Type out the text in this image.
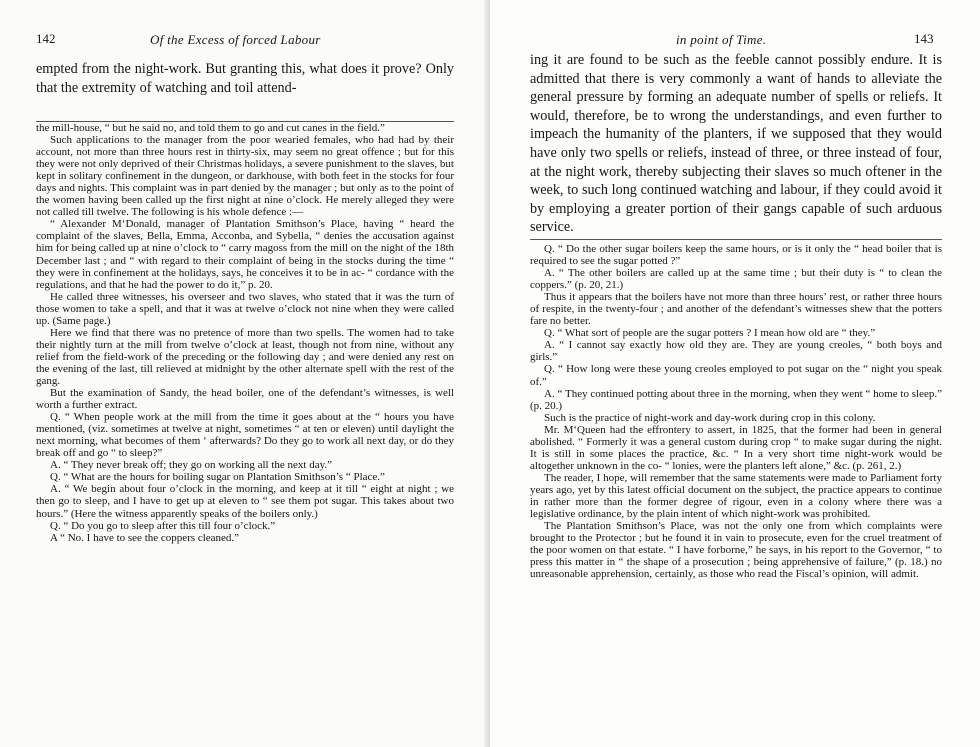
142	Of the Excess of forced Labour

empted from the night-work. But granting this, what does it prove? Only that the extremity of watching and toil attend-

the mill-house, “ but he said no, and told them to go and cut canes in the field.”

Such applications to the manager from the poor wearied females, who had had by their account, not more than three hours rest in thirty-six, may seem no great offence ; but for this they were not only deprived of their Christmas holidays, a severe punishment to the slaves, but kept in solitary confinement in the dungeon, or darkhouse, with both feet in the stocks for four days and nights. This complaint was in part denied by the manager ; but only as to the point of the women having been called up the first night at nine o’clock. He merely alleged they were not called till twelve. The following is his whole defence :—

“ Alexander M‘Donald, manager of Plantation Smithson’s Place, having “ heard the complaint of the slaves, Bella, Emma, Acconba, and Sybella, “ denies the accusation against him for being called up at nine o’clock to “ carry magoss from the mill on the night of the 18th December last ; and “ with regard to their complaint of being in the stocks during the time “ they were in confinement at the holidays, says, he conceives it to be in ac- “ cordance with the regulations, and that he had the power to do it,” p. 20.

He called three witnesses, his overseer and two slaves, who stated that it was the turn of those women to take a spell, and that it was at twelve o’clock not nine when they were called up. (Same page.)

Here we find that there was no pretence of more than two spells. The women had to take their nightly turn at the mill from twelve o’clock at least, though not from nine, without any relief from the field-work of the preceding or the following day ; and were denied any rest on the evening of the last, till relieved at midnight by the other alternate spell with the rest of the gang.

But the examination of Sandy, the head boiler, one of the defendant’s witnesses, is well worth a further extract.

Q. “ When people work at the mill from the time it goes about at the “ hours you have mentioned, (viz. sometimes at twelve at night, sometimes “ at ten or eleven) until daylight the next morning, what becomes of them ‘ afterwards? Do they go to work all next day, or do they break off and go “ to sleep?”

A. “ They never break off; they go on working all the next day.”

Q. “ What are the hours for boiling sugar on Plantation Smithson’s “ Place.”

A. “ We begin about four o’clock in the morning, and keep at it till “ eight at night ; we then go to sleep, and I have to get up at eleven to “ see them pot sugar. This takes about two hours.” (Here the witness apparently speaks of the boilers only.)

Q. “ Do you go to sleep after this till four o’clock.”

A “ No. I have to see the coppers cleaned.”

in point of Time.	143

ing it are found to be such as the feeble cannot possibly endure. It is admitted that there is very commonly a want of hands to alleviate the general pressure by forming an adequate number of spells or reliefs. It would, therefore, be to wrong the understandings, and even further to impeach the humanity of the planters, if we supposed that they would have only two spells or reliefs, instead of three, or three instead of four, at the night work, thereby subjecting their slaves so much oftener in the week, to such long continued watching and labour, if they could avoid it by employing a greater portion of their gangs capable of such arduous service.

Q. “ Do the other sugar boilers keep the same hours, or is it only the “ head boiler that is required to see the sugar potted ?”

A. “ The other boilers are called up at the same time ; but their duty is “ to clean the coppers.” (p. 20, 21.)

Thus it appears that the boilers have not more than three hours’ rest, or rather three hours of respite, in the twenty-four ; and another of the defendant’s witnesses shew that the potters fare no better.

Q. “ What sort of people are the sugar potters ? I mean how old are “ they.”

A. “ I cannot say exactly how old they are. They are young creoles, “ both boys and girls.”

Q. “ How long were these young creoles employed to pot sugar on the “ night you speak of.”

A. “ They continued potting about three in the morning, when they went “ home to sleep.” (p. 20.)

Such is the practice of night-work and day-work during crop in this colony.

Mr. M‘Queen had the effrontery to assert, in 1825, that the former had been in general abolished. “ Formerly it was a general custom during crop “ to make sugar during the night. It is still in some places the practice, &c. “ In a very short time night-work would be altogether unknown in the co- “ lonies, were the planters left alone,” &c. (p. 261, 2.)

The reader, I hope, will remember that the same statements were made to Parliament forty years ago, yet by this latest official document on the subject, the practice appears to continue in rather more than the former degree of rigour, even in a colony where there was a legislative ordinance, by the plain intent of which night-work was prohibited.

The Plantation Smithson’s Place, was not the only one from which complaints were brought to the Protector ; but he found it in vain to prosecute, even for the cruel treatment of the poor women on that estate. “ I have forborne,” he says, in his report to the Governor, “ to press this matter in “ the shape of a prosecution ; being apprehensive of failure,” (p. 18.) no unreasonable apprehension, certainly, as those who read the Fiscal’s opinion, will admit.
